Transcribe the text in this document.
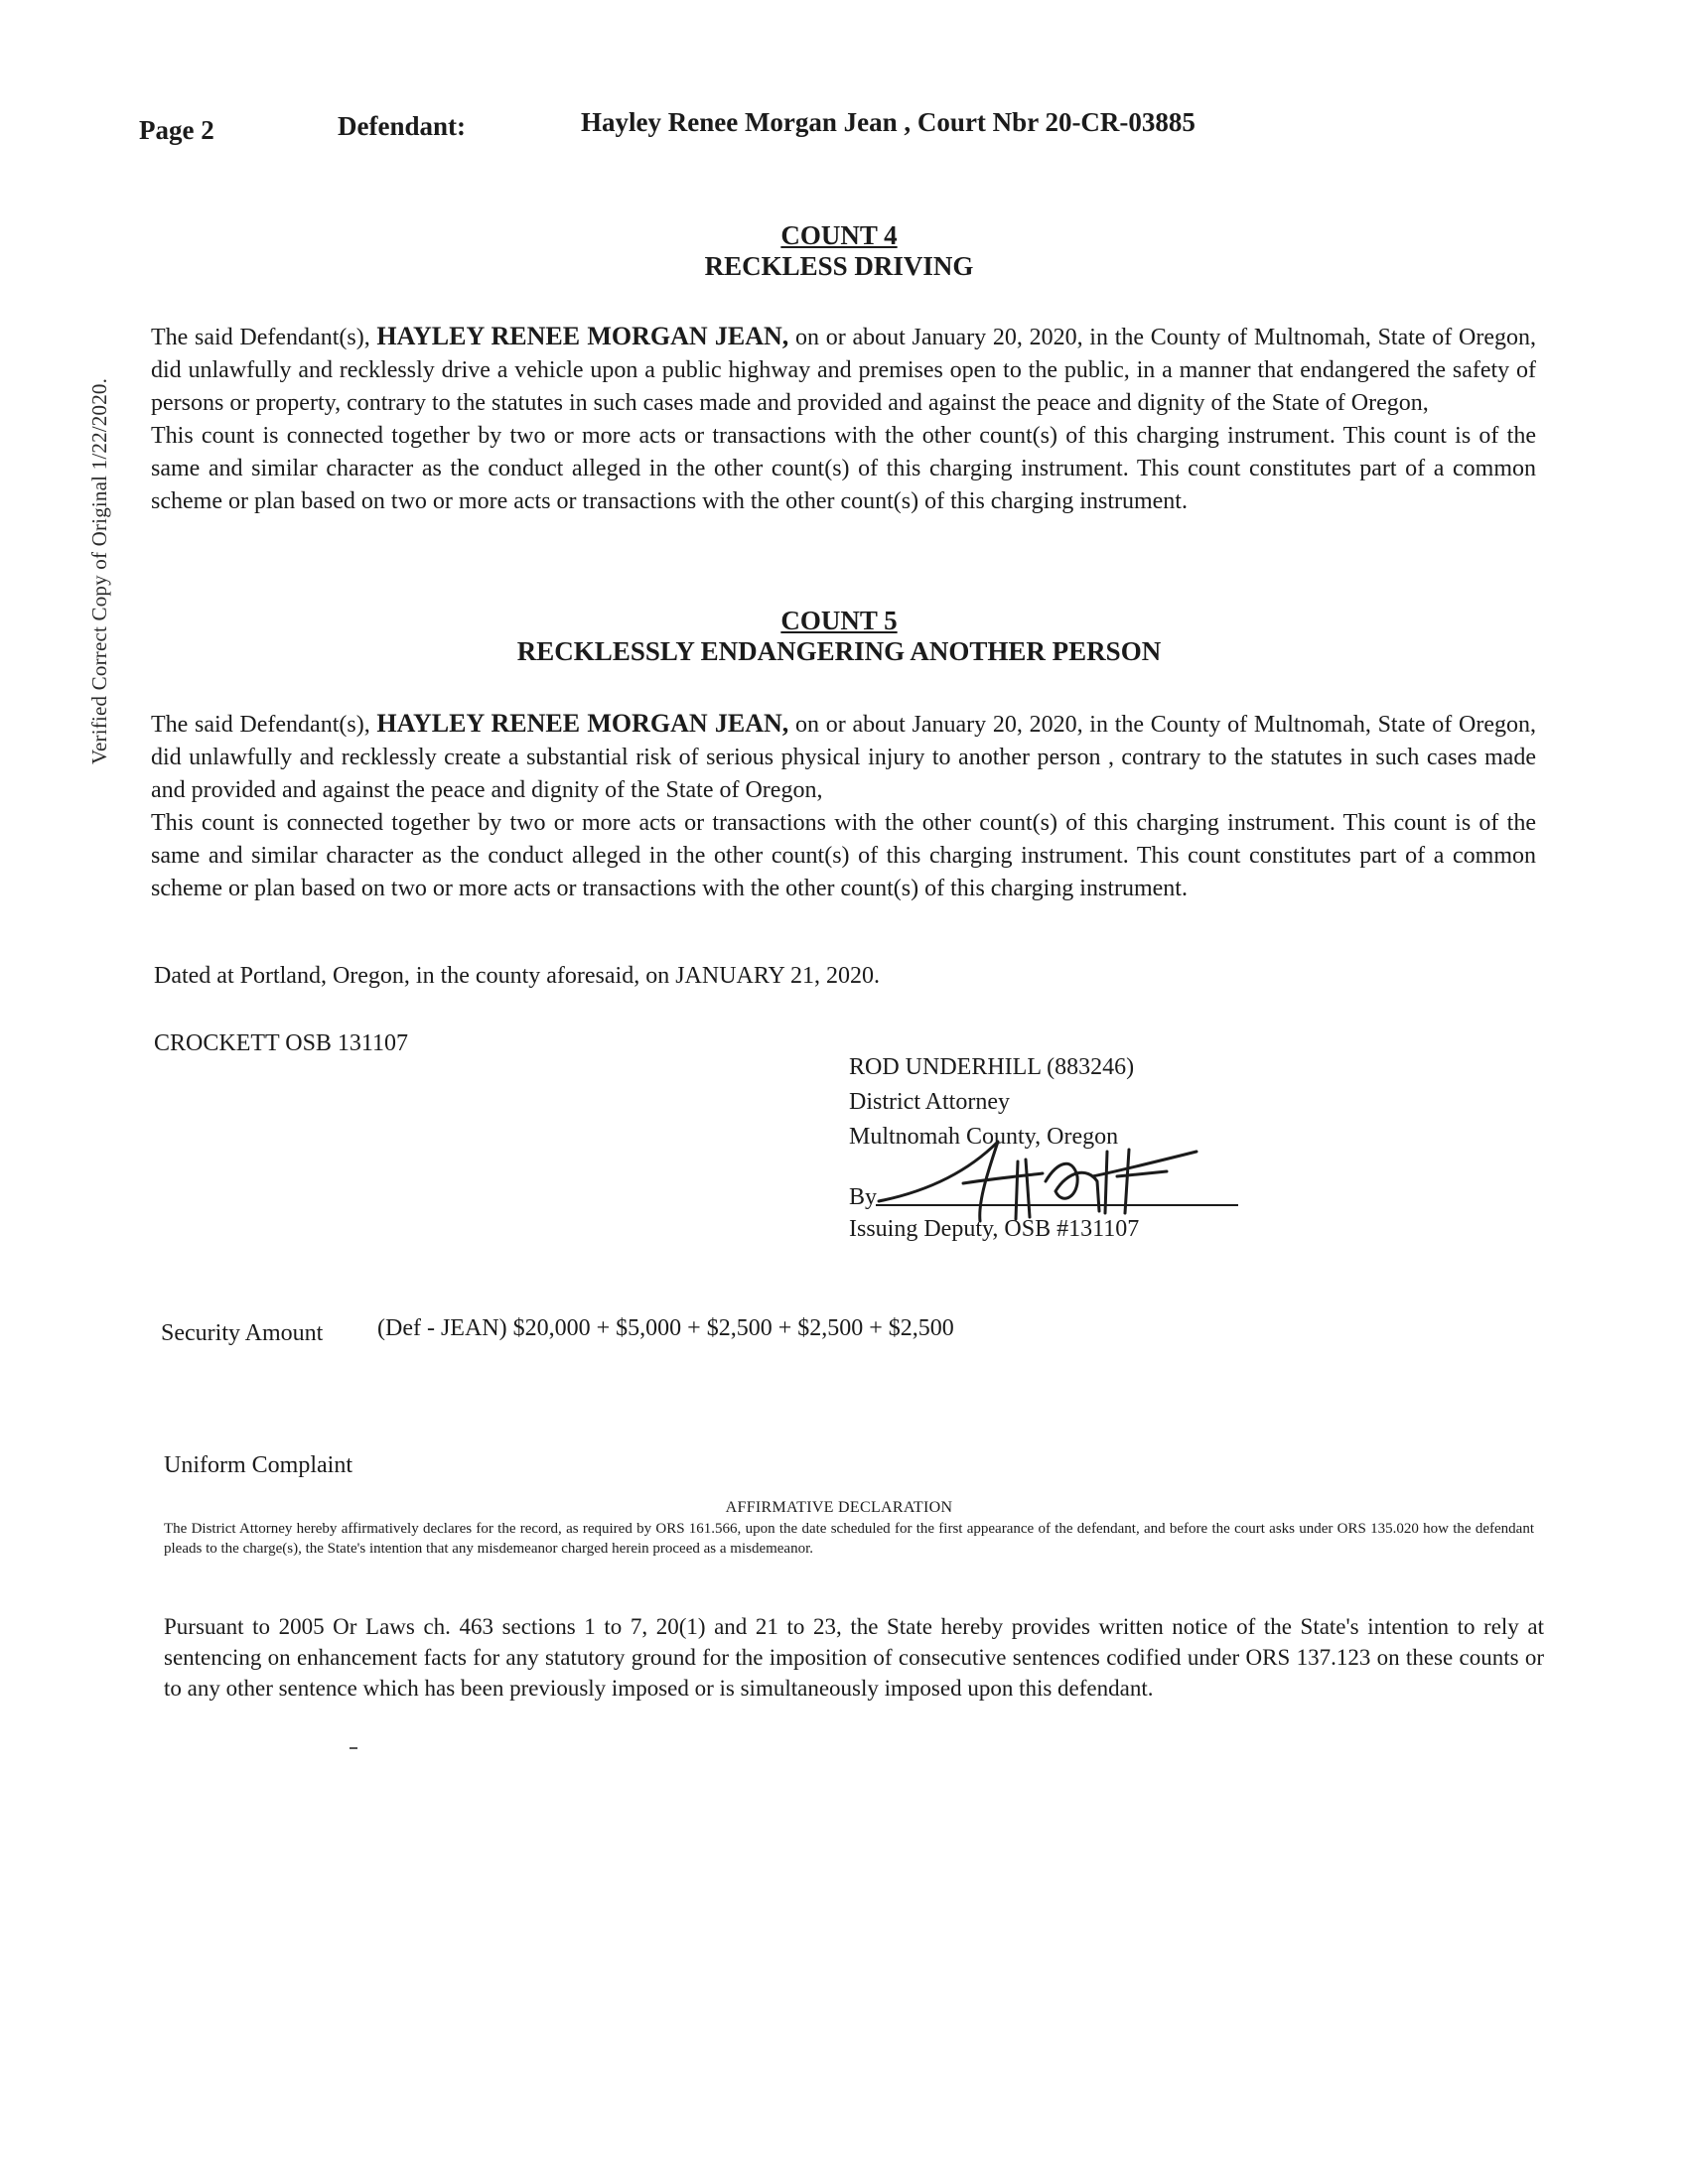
Verified Correct Copy of Original 1/22/2020.
Page 2	Defendant:	Hayley Renee Morgan Jean , Court Nbr 20-CR-03885
COUNT 4
RECKLESS DRIVING

The said Defendant(s), HAYLEY RENEE MORGAN JEAN, on or about January 20, 2020, in the County of Multnomah, State of Oregon, did unlawfully and recklessly drive a vehicle upon a public highway and premises open to the public, in a manner that endangered the safety of persons or property, contrary to the statutes in such cases made and provided and against the peace and dignity of the State of Oregon,

This count is connected together by two or more acts or transactions with the other count(s) of this charging instrument. This count is of the same and similar character as the conduct alleged in the other count(s) of this charging instrument. This count constitutes part of a common scheme or plan based on two or more acts or transactions with the other count(s) of this charging instrument.

COUNT 5
RECKLESSLY ENDANGERING ANOTHER PERSON

The said Defendant(s), HAYLEY RENEE MORGAN JEAN, on or about January 20, 2020, in the County of Multnomah, State of Oregon, did unlawfully and recklessly create a substantial risk of serious physical injury to another person , contrary to the statutes in such cases made and provided and against the peace and dignity of the State of Oregon,

This count is connected together by two or more acts or transactions with the other count(s) of this charging instrument. This count is of the same and similar character as the conduct alleged in the other count(s) of this charging instrument. This count constitutes part of a common scheme or plan based on two or more acts or transactions with the other count(s) of this charging instrument.

Dated at Portland, Oregon, in the county aforesaid, on JANUARY 21, 2020.
CROCKETT OSB 131107
ROD UNDERHILL (883246)
District Attorney
Multnomah County, Oregon
By
Issuing Deputy, OSB #131107
Security Amount (Def - JEAN) $20,000 + $5,000 + $2,500 + $2,500 + $2,500
Uniform Complaint
AFFIRMATIVE DECLARATION
The District Attorney hereby affirmatively declares for the record, as required by ORS 161.566, upon the date scheduled for the first appearance of the defendant, and before the court asks under ORS 135.020 how the defendant pleads to the charge(s), the State's intention that any misdemeanor charged herein proceed as a misdemeanor.
Pursuant to 2005 Or Laws ch. 463 sections 1 to 7, 20(1) and 21 to 23, the State hereby provides written notice of the State's intention to rely at sentencing on enhancement facts for any statutory ground for the imposition of consecutive sentences codified under ORS 137.123 on these counts or to any other sentence which has been previously imposed or is simultaneously imposed upon this defendant.
